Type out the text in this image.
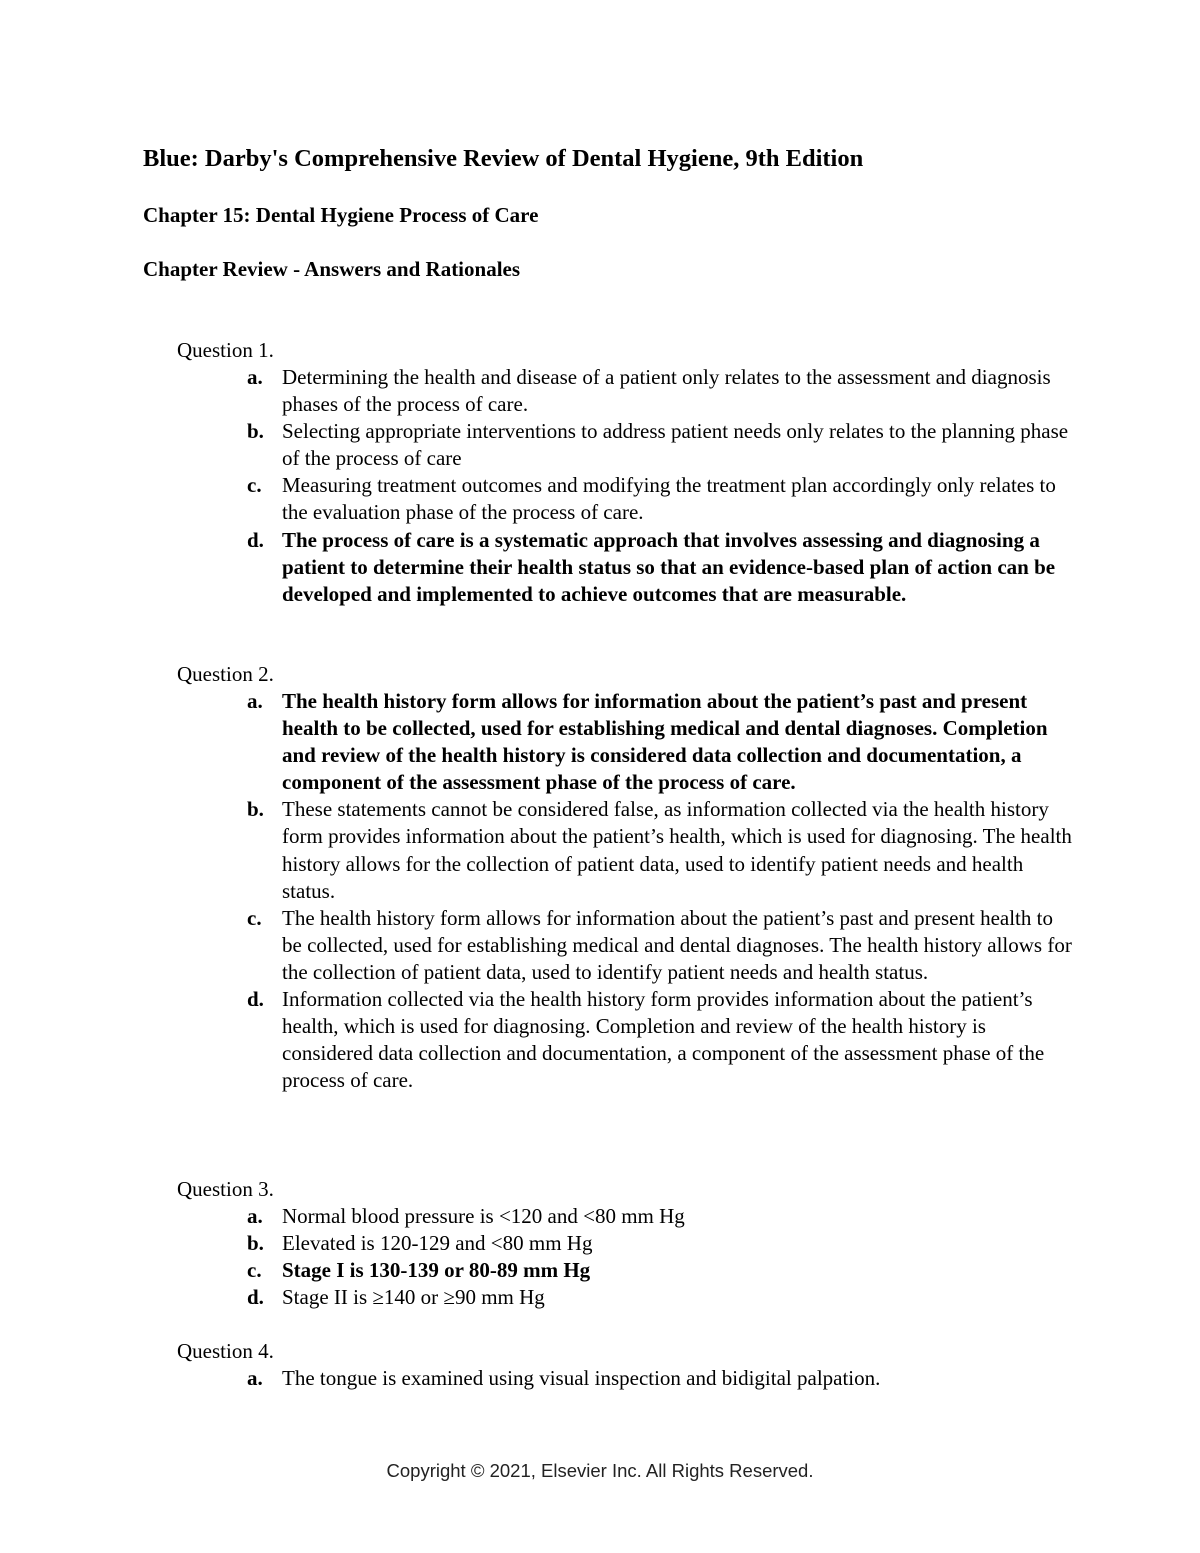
Blue: Darby's Comprehensive Review of Dental Hygiene, 9th Edition
Chapter 15: Dental Hygiene Process of Care
Chapter Review - Answers and Rationales
Question 1.
a. Determining the health and disease of a patient only relates to the assessment and diagnosis phases of the process of care.
b. Selecting appropriate interventions to address patient needs only relates to the planning phase of the process of care
c. Measuring treatment outcomes and modifying the treatment plan accordingly only relates to the evaluation phase of the process of care.
d. The process of care is a systematic approach that involves assessing and diagnosing a patient to determine their health status so that an evidence-based plan of action can be developed and implemented to achieve outcomes that are measurable.
Question 2.
a. The health history form allows for information about the patient’s past and present health to be collected, used for establishing medical and dental diagnoses. Completion and review of the health history is considered data collection and documentation, a component of the assessment phase of the process of care.
b. These statements cannot be considered false, as information collected via the health history form provides information about the patient’s health, which is used for diagnosing. The health history allows for the collection of patient data, used to identify patient needs and health status.
c. The health history form allows for information about the patient’s past and present health to be collected, used for establishing medical and dental diagnoses. The health history allows for the collection of patient data, used to identify patient needs and health status.
d. Information collected via the health history form provides information about the patient’s health, which is used for diagnosing. Completion and review of the health history is considered data collection and documentation, a component of the assessment phase of the process of care.
Question 3.
a. Normal blood pressure is <120 and <80 mm Hg
b. Elevated is 120-129 and <80 mm Hg
c. Stage I is 130-139 or 80-89 mm Hg
d. Stage II is ≥140 or ≥90 mm Hg
Question 4.
a. The tongue is examined using visual inspection and bidigital palpation.
Copyright © 2021, Elsevier Inc. All Rights Reserved.
